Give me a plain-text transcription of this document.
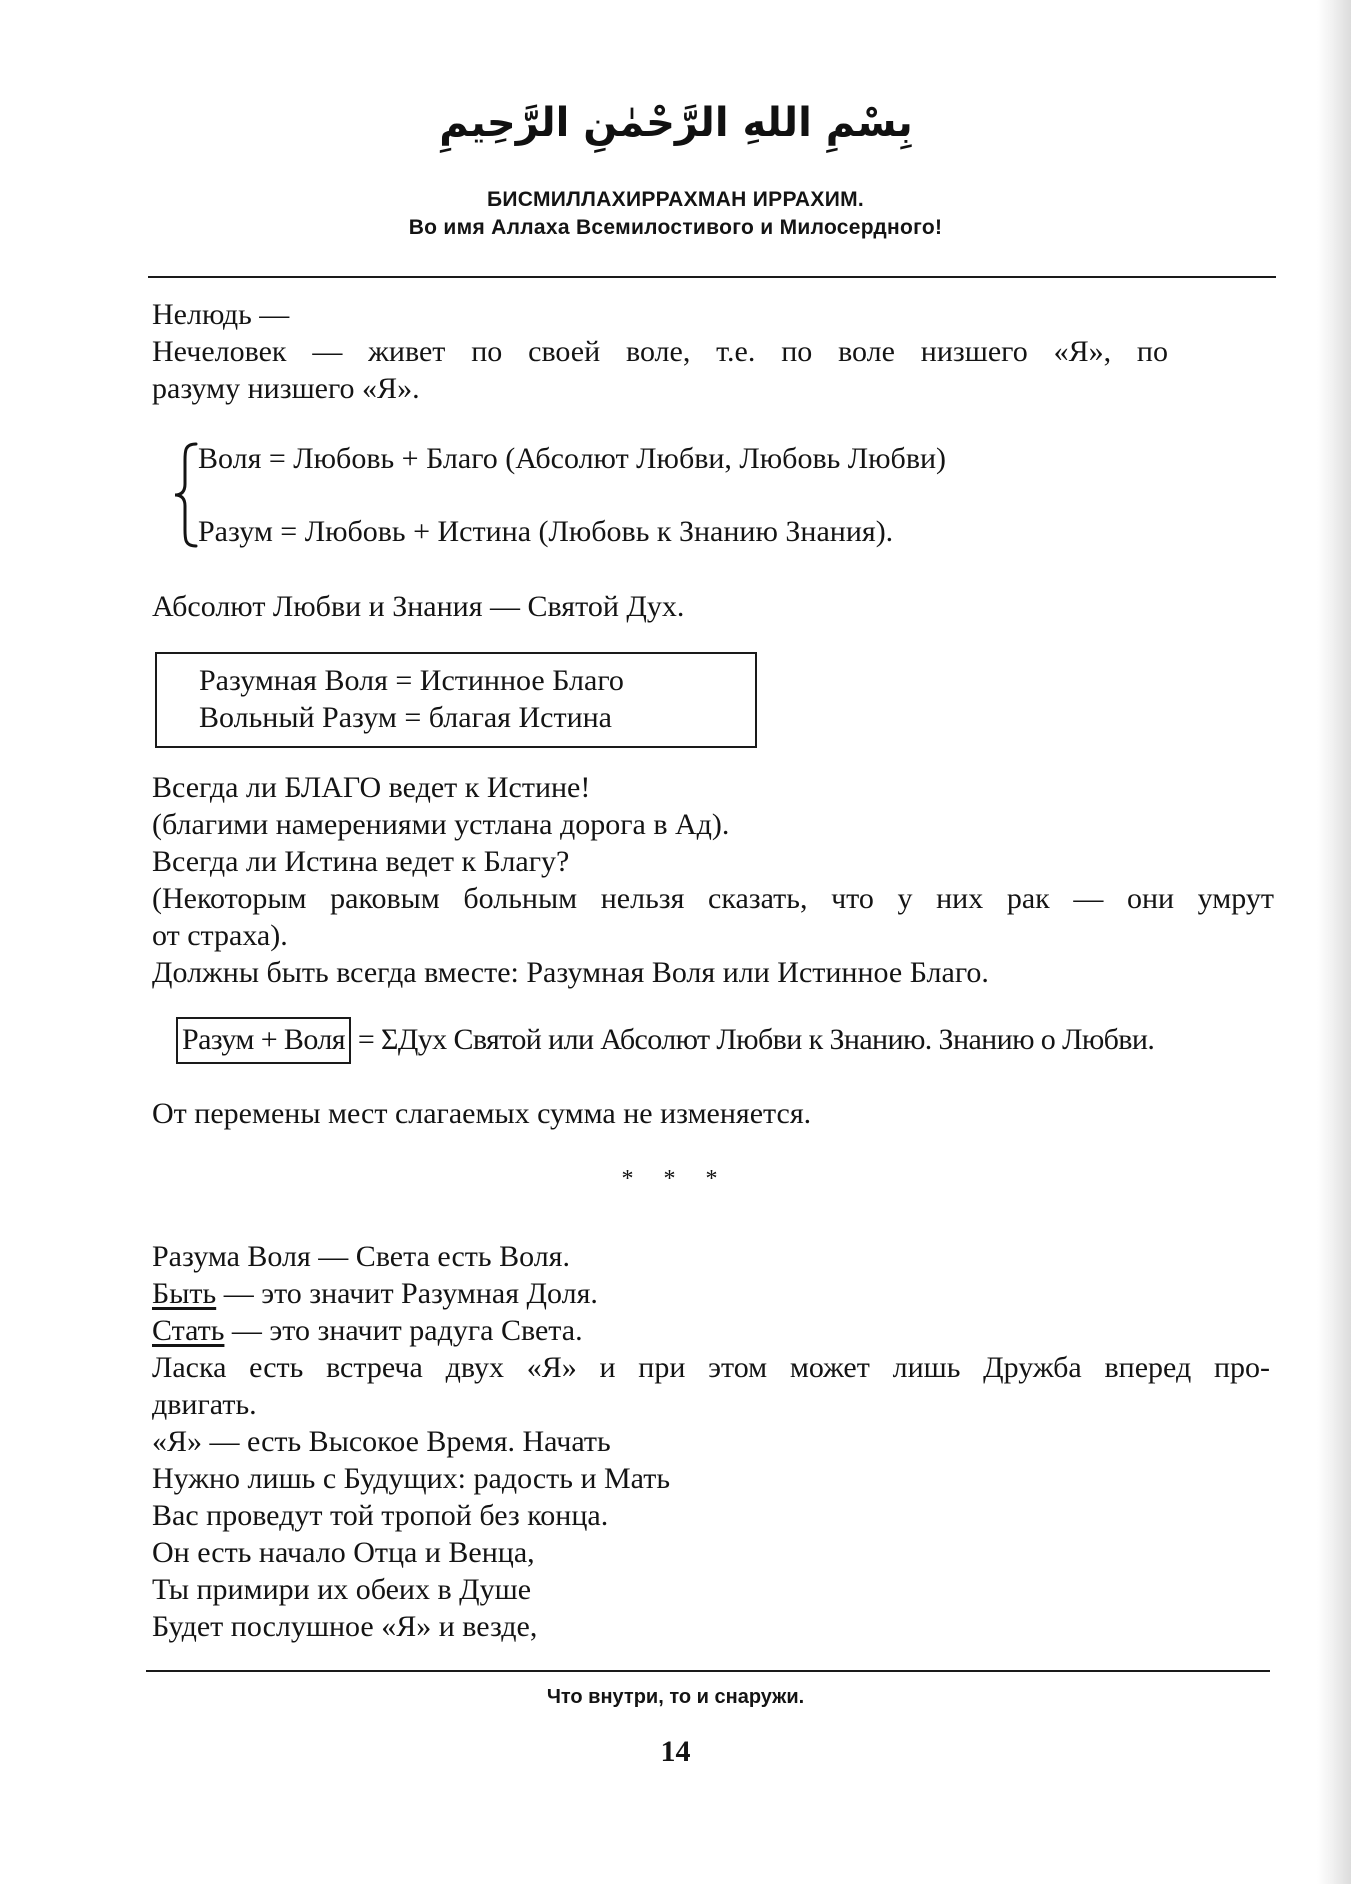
بِسْمِ اللهِ الرَّحْمٰنِ الرَّحِيمِ
БИСМИЛЛАХИРРАХМАН ИРРАХИМ.
Во имя Аллаха Всемилостивого и Милосердного!
Нелюдь —
Нечеловек — живет по своей воле, т.е. по воле низшего «Я», по
разуму низшего «Я».
Воля = Любовь + Благо (Абсолют Любви, Любовь Любви)
Разум = Любовь + Истина (Любовь к Знанию Знания).
Абсолют Любви и Знания — Святой Дух.
Разумная Воля = Истинное Благо
Вольный Разум = благая Истина
Всегда ли БЛАГО ведет к Истине!
(благими намерениями устлана дорога в Ад).
Всегда ли Истина ведет к Благу?
(Некоторым раковым больным нельзя сказать, что у них рак — они умрут
от страха).
Должны быть всегда вместе: Разумная Воля или Истинное Благо.
Разум + Воля = ΣДух Святой или Абсолют Любви к Знанию. Знанию о Любви.
От перемены мест слагаемых сумма не изменяется.
* * *
Разума Воля — Света есть Воля.
Быть — это значит Разумная Доля.
Стать — это значит радуга Света.
Ласка есть встреча двух «Я» и при этом может лишь Дружба вперед про-
двигать.
«Я» — есть Высокое Время. Начать
Нужно лишь с Будущих: радость и Мать
Вас проведут той тропой без конца.
Он есть начало Отца и Венца,
Ты примири их обеих в Душе
Будет послушное «Я» и везде,
Что внутри, то и снаружи.
14
